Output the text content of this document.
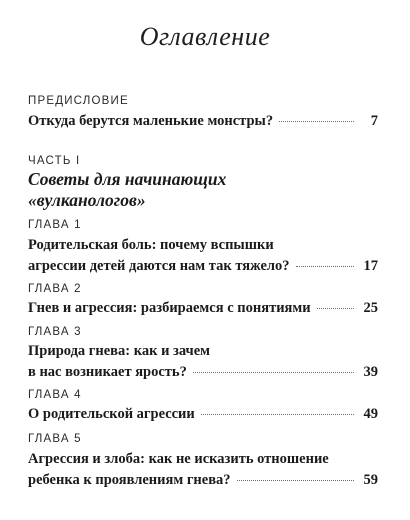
Оглавление
ПРЕДИСЛОВИЕ
Откуда берутся маленькие монстры?	7
ЧАСТЬ I
Советы для начинающих
«вулканологов»
ГЛАВА 1
Родительская боль: почему вспышки
агрессии детей даются нам так тяжело?	17
ГЛАВА 2
Гнев и агрессия: разбираемся с понятиями	25
ГЛАВА 3
Природа гнева: как и зачем
в нас возникает ярость?	39
ГЛАВА 4
О родительской агрессии	49
ГЛАВА 5
Агрессия и злоба: как не исказить отношение
ребенка к проявлениям гнева?	59
